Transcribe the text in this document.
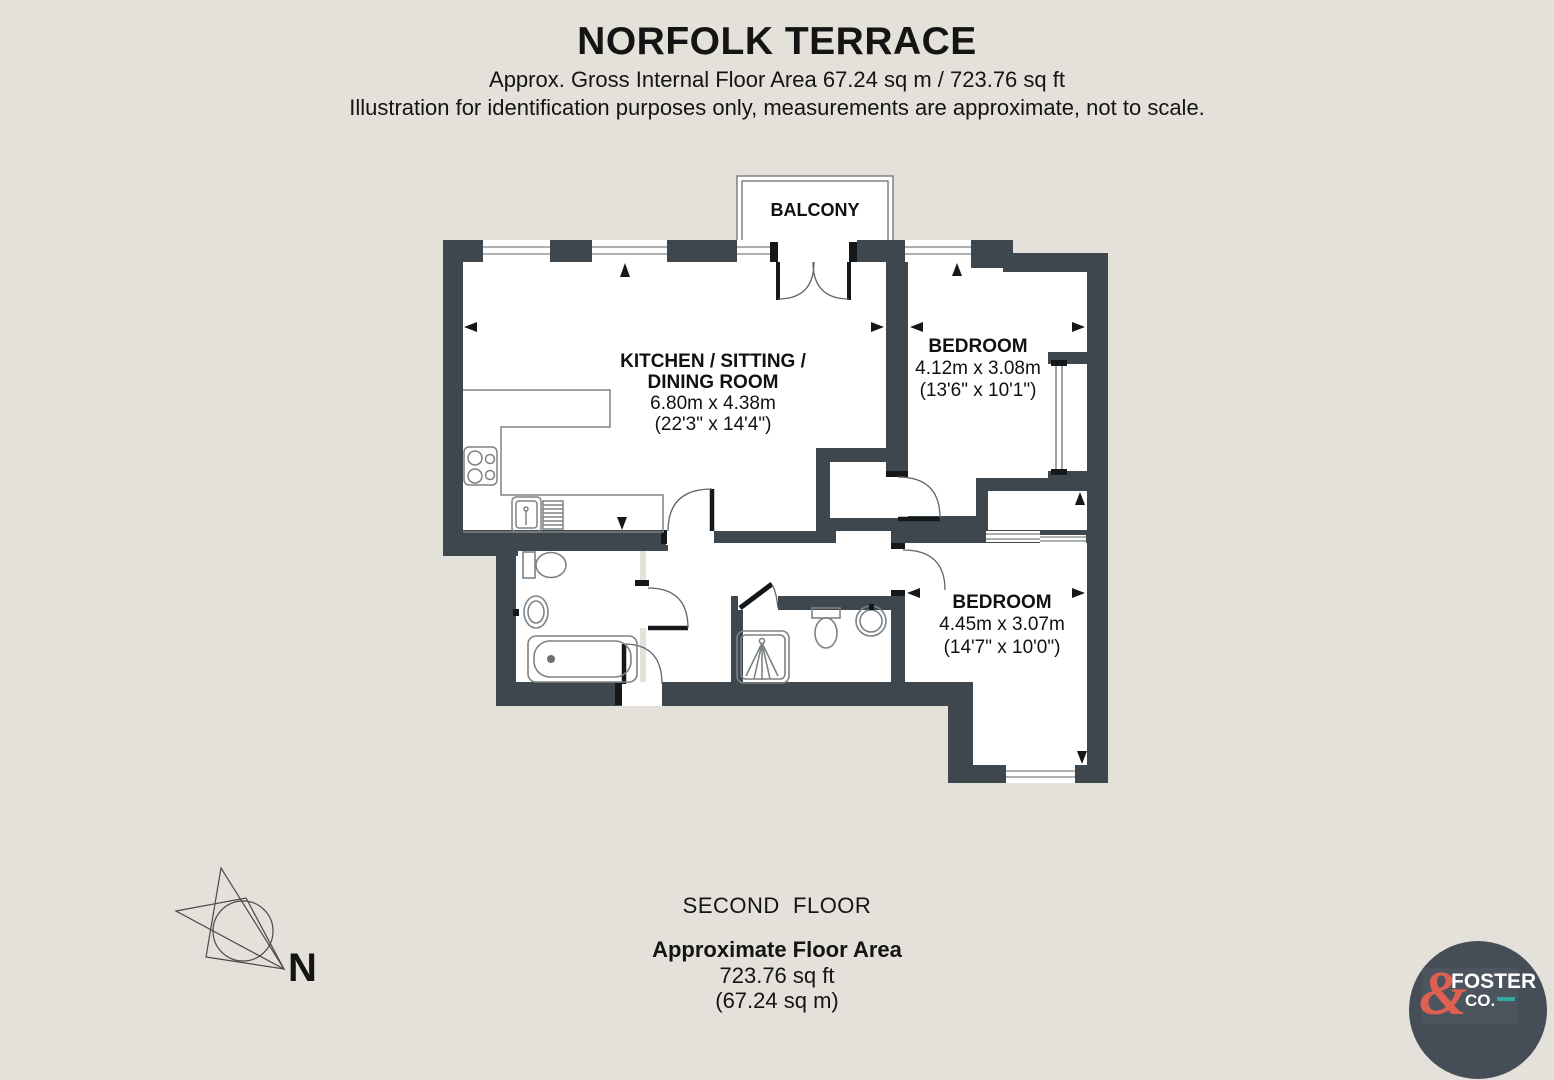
NORFOLK TERRACE
Approx. Gross Internal Floor Area 67.24 sq m / 723.76 sq ft
Illustration for identification purposes only, measurements are approximate, not to scale.
BALCONY
KITCHEN / SITTING /
DINING ROOM
6.80m x 4.38m
(22'3" x 14'4")
BEDROOM
4.12m x 3.08m
(13'6" x 10'1")
BEDROOM
4.45m x 3.07m
(14'7" x 10'0")
N
SECOND  FLOOR
Approximate Floor Area
723.76 sq ft
(67.24 sq m)	&
FOSTER
CO.
